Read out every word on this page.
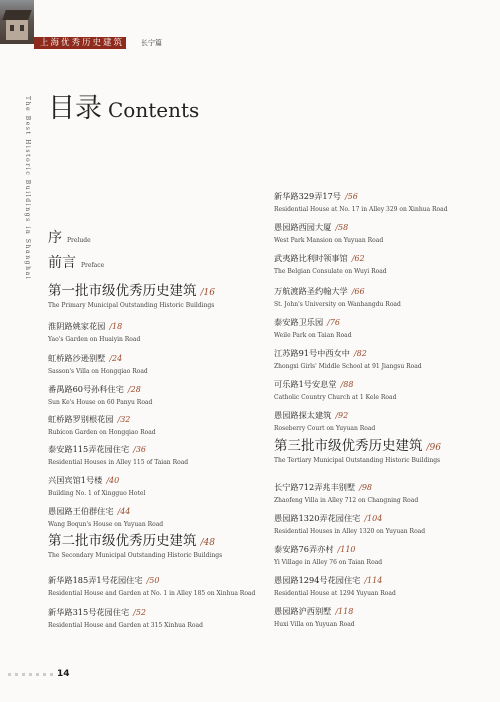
上海优秀历史建筑 长宁篇
The Best Historic Buildings in Shanghai 目录 Contents
序 Prelude
前言 Preface
第一批市级优秀历史建筑 /16
The Primary Municipal Outstanding Historic Buildings
淮阴路姚家花园 /18
Yao's Garden on Huaiyin Road
虹桥路沙逊别墅 /24
Sasson's Villa on Hongqiao Road
番禺路60号孙科住宅 /28
Sun Ke's House on 60 Panyu Road
虹桥路罗别根花园 /32
Rubicon Garden on Hongqiao Road
泰安路115弄花园住宅 /36
Residential Houses in Alley 115 of Taian Road
兴国宾馆1号楼 /40
Building No. 1 of Xingguo Hotel
愚园路王伯群住宅 /44
Wang Boqun's House on Yuyuan Road
第二批市级优秀历史建筑 /48
The Secondary Municipal Outstanding Historic Buildings
新华路185弄1号花园住宅 /50
Residential House and Garden at No. 1 in Alley 185 on Xinhua Road
新华路315号花园住宅 /52
Residential House and Garden at 315 Xinhua Road
新华路329弄17号 /56
Residential House at No. 17 in Alley 329 on Xinhua Road
愚园路西园大厦 /58
West Park Mansion on Yuyuan Road
武夷路比利时领事馆 /62
The Belgian Consulate on Wuyi Road
万航渡路圣约翰大学 /66
St. John's University on Wanhangdu Road
泰安路卫乐园 /76
Weile Park on Taian Road
江苏路91号中西女中 /82
Zhongxi Girls' Middle School at 91 Jiangsu Road
可乐路1号安息堂 /88
Catholic Country Church at 1 Kele Road
愚园路探太建筑 /92
Roseberry Court on Yuyuan Road
第三批市级优秀历史建筑 /96
The Tertiary Municipal Outstanding Historic Buildings
长宁路712弄兆丰别墅 /98
Zhaofeng Villa in Alley 712 on Changning Road
愚园路1320弄花园住宅 /104
Residential Houses in Alley 1320 on Yuyuan Road
泰安路76弄亦村 /110
Yi Village in Alley 76 on Taian Road
愚园路1294号花园住宅 /114
Residential House at 1294 Yuyuan Road
愚园路沪西别墅 /118
Huxi Villa on Yuyuan Road
14
